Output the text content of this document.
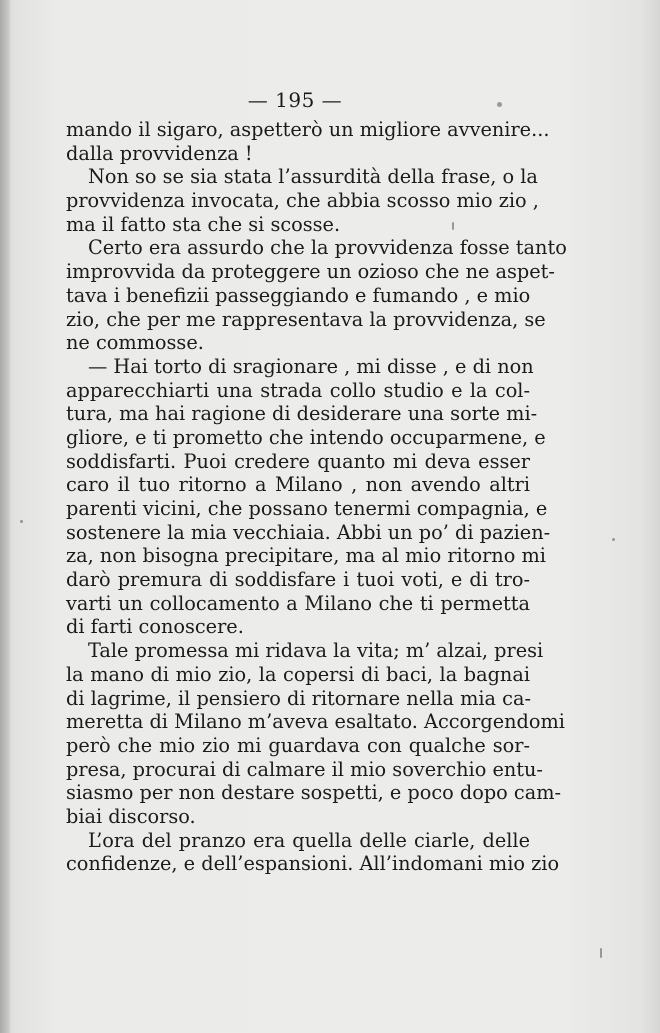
— 195 —
mando il sigaro, aspetterò un migliore avvenire...
dalla provvidenza !
Non so se sia stata l’assurdità della frase, o la
provvidenza invocata, che abbia scosso mio zio ,
ma il fatto sta che si scosse.
Certo era assurdo che la provvidenza fosse tanto
improvvida da proteggere un ozioso che ne aspet-
tava i benefizii passeggiando e fumando , e mio
zio, che per me rappresentava la provvidenza, se
ne commosse.
— Hai torto di sragionare , mi disse , e di non
apparecchiarti una strada collo studio e la col-
tura, ma hai ragione di desiderare una sorte mi-
gliore, e ti prometto che intendo occuparmene, e
soddisfarti. Puoi credere quanto mi deva esser
caro il tuo ritorno a Milano , non avendo altri
parenti vicini, che possano tenermi compagnia, e
sostenere la mia vecchiaia. Abbi un po’ di pazien-
za, non bisogna precipitare, ma al mio ritorno mi
darò premura di soddisfare i tuoi voti, e di tro-
varti un collocamento a Milano che ti permetta
di farti conoscere.
Tale promessa mi ridava la vita; m’ alzai, presi
la mano di mio zio, la copersi di baci, la bagnai
di lagrime, il pensiero di ritornare nella mia ca-
meretta di Milano m’aveva esaltato. Accorgendomi
però che mio zio mi guardava con qualche sor-
presa, procurai di calmare il mio soverchio entu-
siasmo per non destare sospetti, e poco dopo cam-
biai discorso.
L’ora del pranzo era quella delle ciarle, delle
confidenze, e dell’espansioni. All’indomani mio zio
